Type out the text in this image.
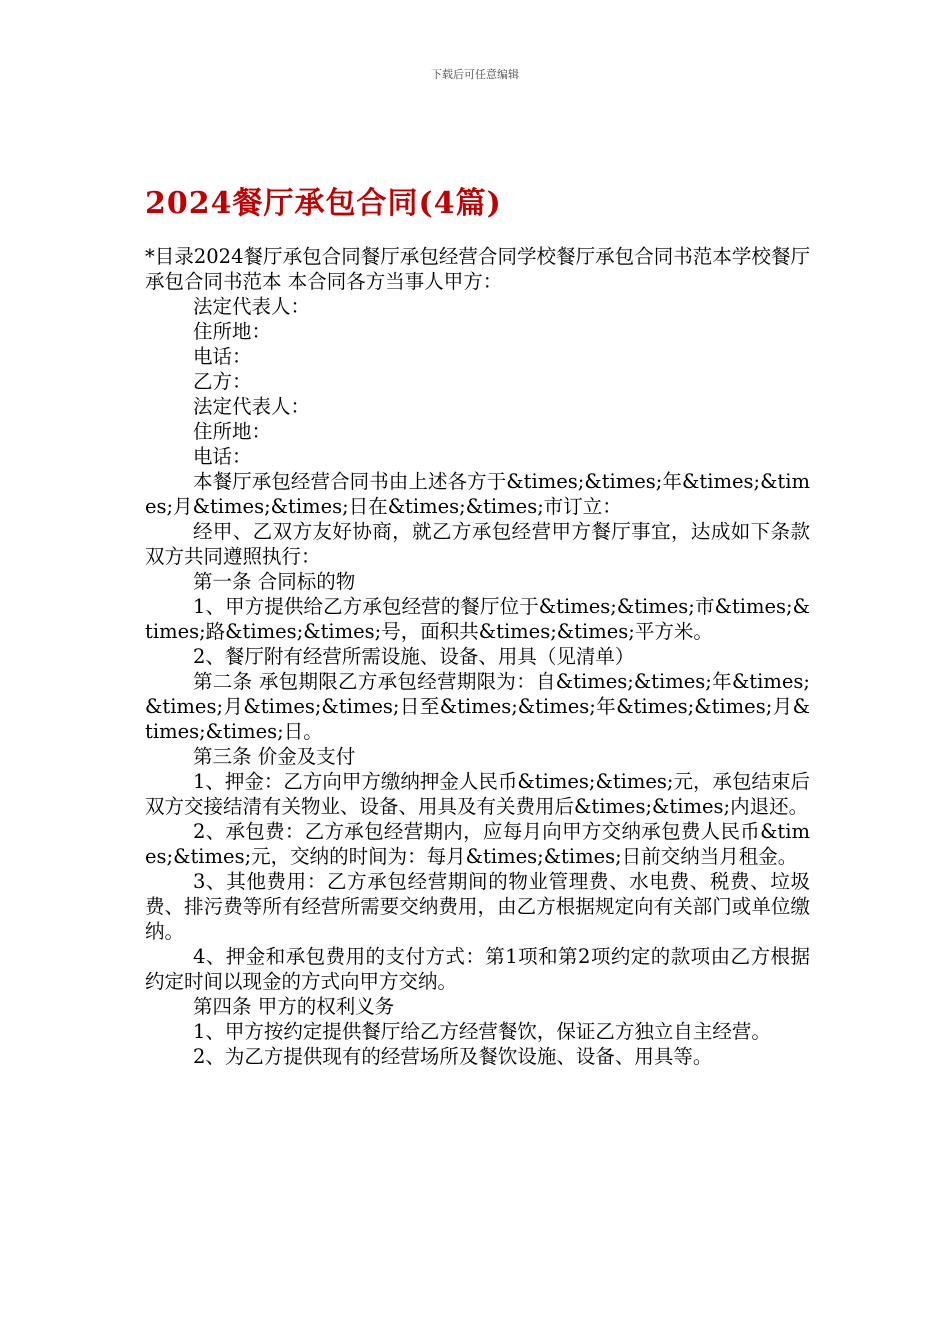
下载后可任意编辑
2024餐厅承包合同(4篇)

*目录2024餐厅承包合同餐厅承包经营合同学校餐厅承包合同书范本学校餐厅承包合同书范本 本合同各方当事人甲方：

法定代表人：

住所地：

电话：

乙方：

法定代表人：

住所地：

电话：

本餐厅承包经营合同书由上述各方于&times;&times;年&times;&times;月&times;&times;日在&times;&times;市订立：

经甲、乙双方友好协商，就乙方承包经营甲方餐厅事宜，达成如下条款双方共同遵照执行：

第一条 合同标的物

1、甲方提供给乙方承包经营的餐厅位于&times;&times;市&times;&times;路&times;&times;号，面积共&times;&times;平方米。

2、餐厅附有经营所需设施、设备、用具（见清单）

第二条 承包期限乙方承包经营期限为：自&times;&times;年&times;&times;月&times;&times;日至&times;&times;年&times;&times;月&times;&times;日。

第三条 价金及支付

1、押金：乙方向甲方缴纳押金人民币&times;&times;元，承包结束后双方交接结清有关物业、设备、用具及有关费用后&times;&times;内退还。

2、承包费：乙方承包经营期内，应每月向甲方交纳承包费人民币&times;&times;元，交纳的时间为：每月&times;&times;日前交纳当月租金。

3、其他费用：乙方承包经营期间的物业管理费、水电费、税费、垃圾费、排污费等所有经营所需要交纳费用，由乙方根据规定向有关部门或单位缴纳。

4、押金和承包费用的支付方式：第1项和第2项约定的款项由乙方根据约定时间以现金的方式向甲方交纳。

第四条 甲方的权利义务

1、甲方按约定提供餐厅给乙方经营餐饮，保证乙方独立自主经营。

2、为乙方提供现有的经营场所及餐饮设施、设备、用具等。
